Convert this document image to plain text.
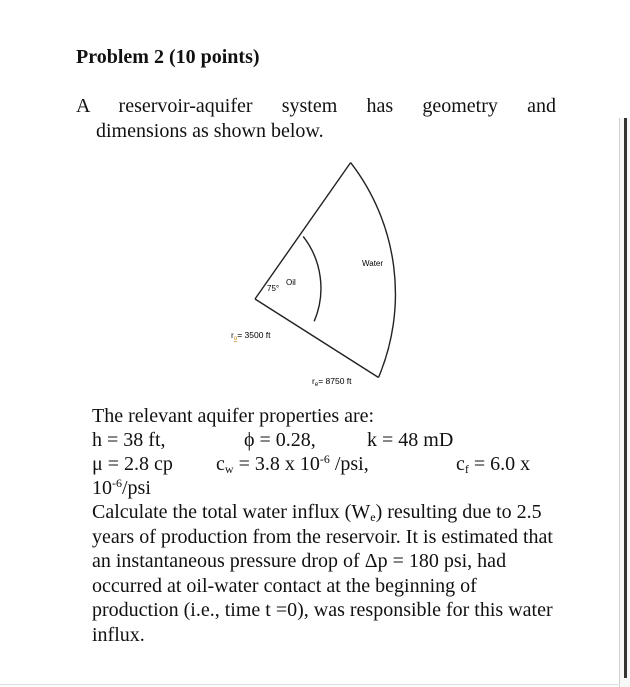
Problem 2 (10 points)

A reservoir-aquifer system has geometry and

dimensions as shown below.

Water
Oil
75°
$r_o= 3500$ ft
$r_e= 8750$ ft
The relevant aquifer properties are:
h = 38 ft,	ϕ = 0.28,	k = 48 mD
μ = 2.8 cp $c_w = 3.8$ x $10^{-6}$ /psi,	$c_f = 6.0$ x
$10^{-6}$/psi

Calculate the total water influx $(W_e)$ resulting due to 2.5 years of production from the reservoir. It is estimated that an instantaneous pressure drop of Δp = 180 psi, had occurred at oil-water contact at the beginning of production (i.e., time t =0), was responsible for this water influx.
